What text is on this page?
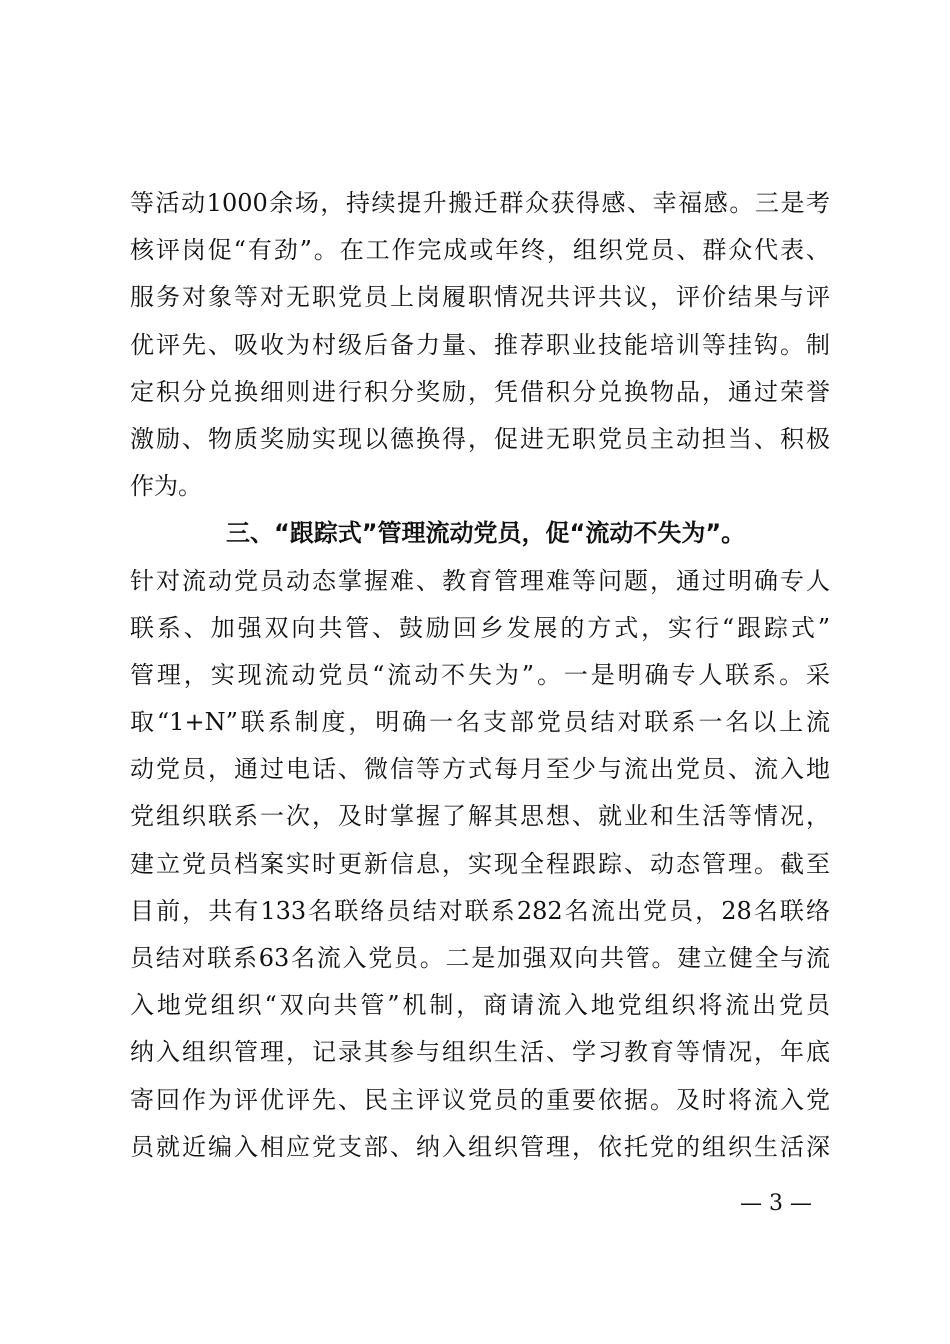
等活动1000余场，持续提升搬迁群众获得感、幸福感。三是考
核评岗促“有劲”。在工作完成或年终，组织党员、群众代表、
服务对象等对无职党员上岗履职情况共评共议，评价结果与评
优评先、吸收为村级后备力量、推荐职业技能培训等挂钩。制
定积分兑换细则进行积分奖励，凭借积分兑换物品，通过荣誉
激励、物质奖励实现以德换得，促进无职党员主动担当、积极
作为。
三、“跟踪式”管理流动党员，促“流动不失为”。
针对流动党员动态掌握难、教育管理难等问题，通过明确专人
联系、加强双向共管、鼓励回乡发展的方式，实行“跟踪式”
管理，实现流动党员“流动不失为”。一是明确专人联系。采
取“1+N”联系制度，明确一名支部党员结对联系一名以上流
动党员，通过电话、微信等方式每月至少与流出党员、流入地
党组织联系一次，及时掌握了解其思想、就业和生活等情况，
建立党员档案实时更新信息，实现全程跟踪、动态管理。截至
目前，共有133名联络员结对联系282名流出党员，28名联络
员结对联系63名流入党员。二是加强双向共管。建立健全与流
入地党组织“双向共管”机制，商请流入地党组织将流出党员
纳入组织管理，记录其参与组织生活、学习教育等情况，年底
寄回作为评优评先、民主评议党员的重要依据。及时将流入党
员就近编入相应党支部、纳入组织管理，依托党的组织生活深
— 3 —
